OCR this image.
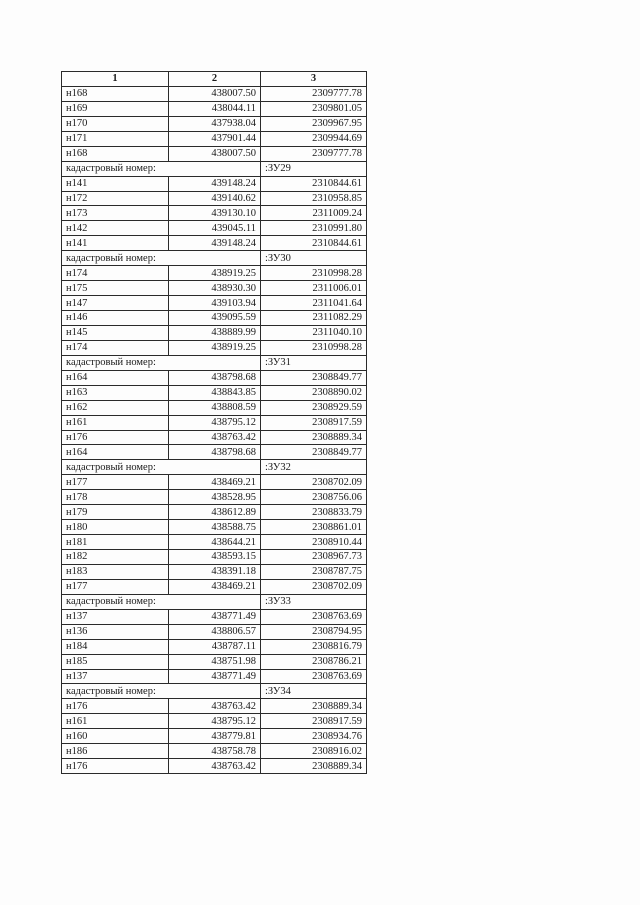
1	2	3
н168	438007.50	2309777.78
н169	438044.11	2309801.05
н170	437938.04	2309967.95
н171	437901.44	2309944.69
н168	438007.50	2309777.78
кадастровый номер:		:ЗУ29
н141	439148.24	2310844.61
н172	439140.62	2310958.85
н173	439130.10	2311009.24
н142	439045.11	2310991.80
н141	439148.24	2310844.61
кадастровый номер:		:ЗУ30
н174	438919.25	2310998.28
н175	438930.30	2311006.01
н147	439103.94	2311041.64
н146	439095.59	2311082.29
н145	438889.99	2311040.10
н174	438919.25	2310998.28
кадастровый номер:		:ЗУ31
н164	438798.68	2308849.77
н163	438843.85	2308890.02
н162	438808.59	2308929.59
н161	438795.12	2308917.59
н176	438763.42	2308889.34
н164	438798.68	2308849.77
кадастровый номер:		:ЗУ32
н177	438469.21	2308702.09
н178	438528.95	2308756.06
н179	438612.89	2308833.79
н180	438588.75	2308861.01
н181	438644.21	2308910.44
н182	438593.15	2308967.73
н183	438391.18	2308787.75
н177	438469.21	2308702.09
кадастровый номер:		:ЗУ33
н137	438771.49	2308763.69
н136	438806.57	2308794.95
н184	438787.11	2308816.79
н185	438751.98	2308786.21
н137	438771.49	2308763.69
кадастровый номер:		:ЗУ34
н176	438763.42	2308889.34
н161	438795.12	2308917.59
н160	438779.81	2308934.76
н186	438758.78	2308916.02
н176	438763.42	2308889.34
